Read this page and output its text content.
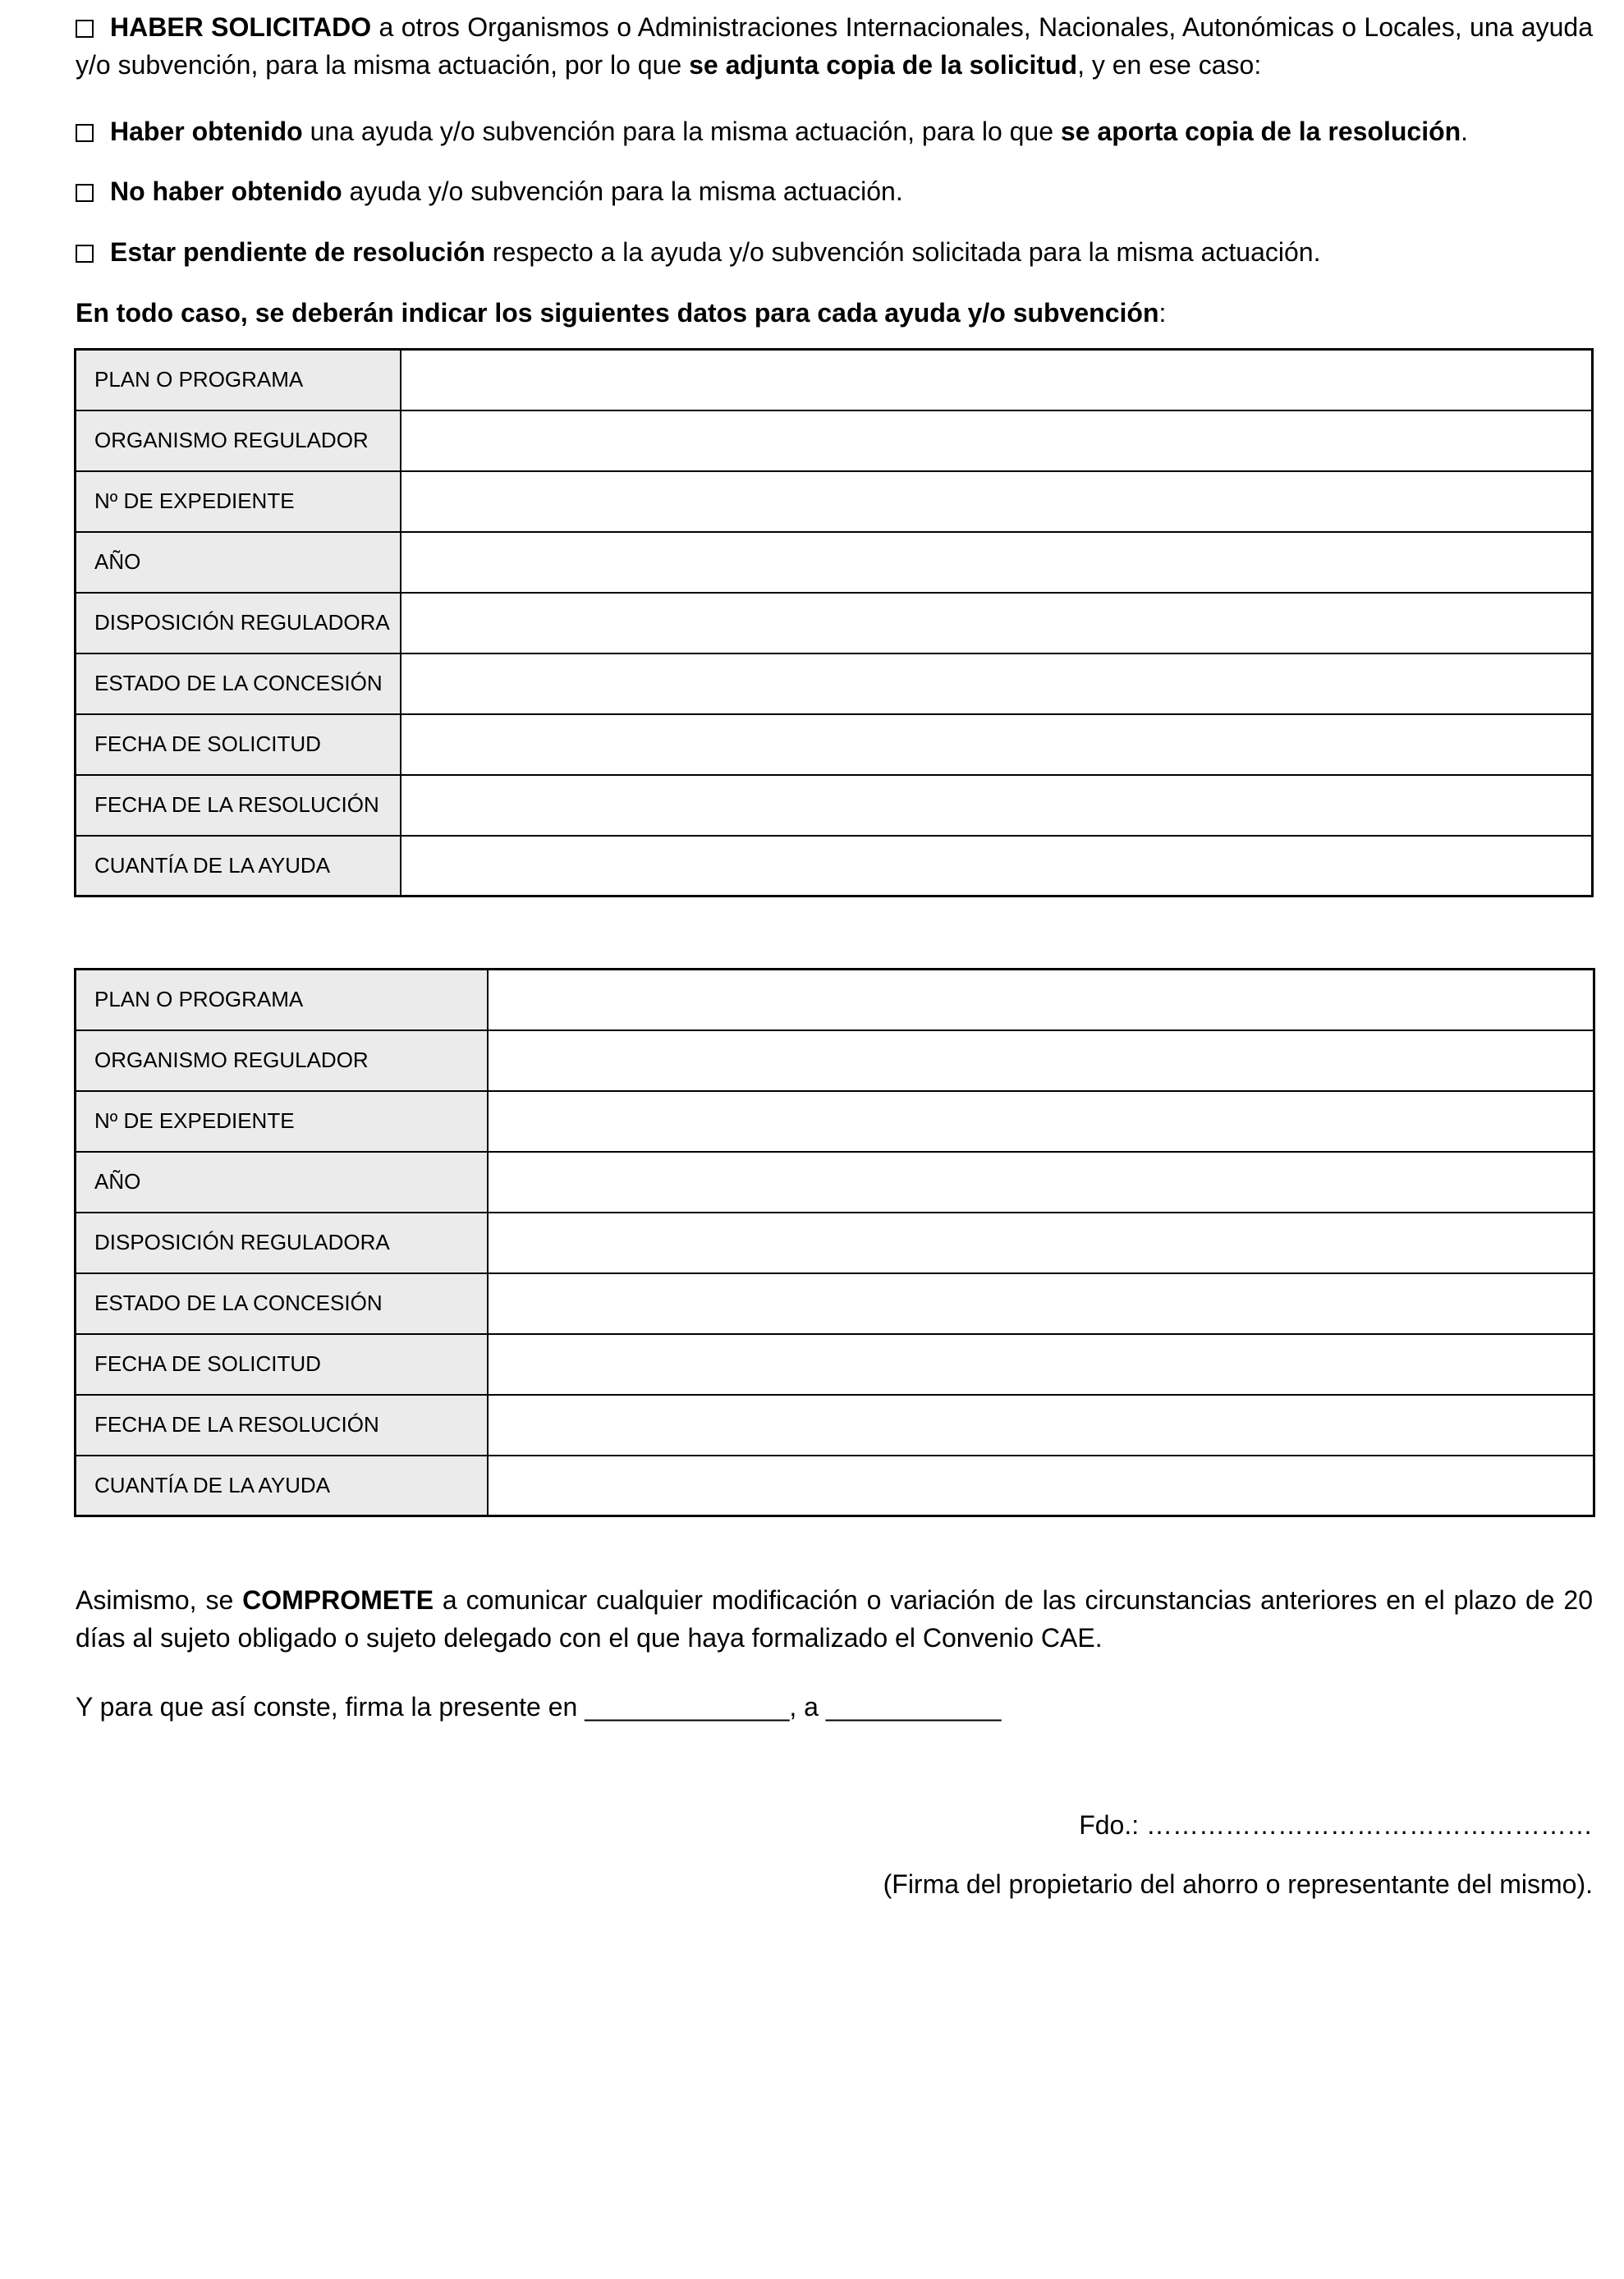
HABER SOLICITADO a otros Organismos o Administraciones Internacionales, Nacionales, Autonómicas o Locales, una ayuda y/o subvención, para la misma actuación, por lo que se adjunta copia de la solicitud, y en ese caso:

Haber obtenido una ayuda y/o subvención para la misma actuación, para lo que se aporta copia de la resolución.
No haber obtenido ayuda y/o subvención para la misma actuación.
Estar pendiente de resolución respecto a la ayuda y/o subvención solicitada para la misma actuación.
En todo caso, se deberán indicar los siguientes datos para cada ayuda y/o subvención:
PLAN O PROGRAMA	
ORGANISMO REGULADOR	
Nº DE EXPEDIENTE	
AÑO	
DISPOSICIÓN REGULADORA	
ESTADO DE LA CONCESIÓN	
FECHA DE SOLICITUD	
FECHA DE LA RESOLUCIÓN	
CUANTÍA DE LA AYUDA	
PLAN O PROGRAMA	
ORGANISMO REGULADOR	
Nº DE EXPEDIENTE	
AÑO	
DISPOSICIÓN REGULADORA	
ESTADO DE LA CONCESIÓN	
FECHA DE SOLICITUD	
FECHA DE LA RESOLUCIÓN	
CUANTÍA DE LA AYUDA	

Asimismo, se COMPROMETE a comunicar cualquier modificación o variación de las circunstancias anteriores en el plazo de 20 días al sujeto obligado o sujeto delegado con el que haya formalizado el Convenio CAE.

Y para que así conste, firma la presente en ______________, a ____________
Fdo.: ……………………………………………
(Firma del propietario del ahorro o representante del mismo).
